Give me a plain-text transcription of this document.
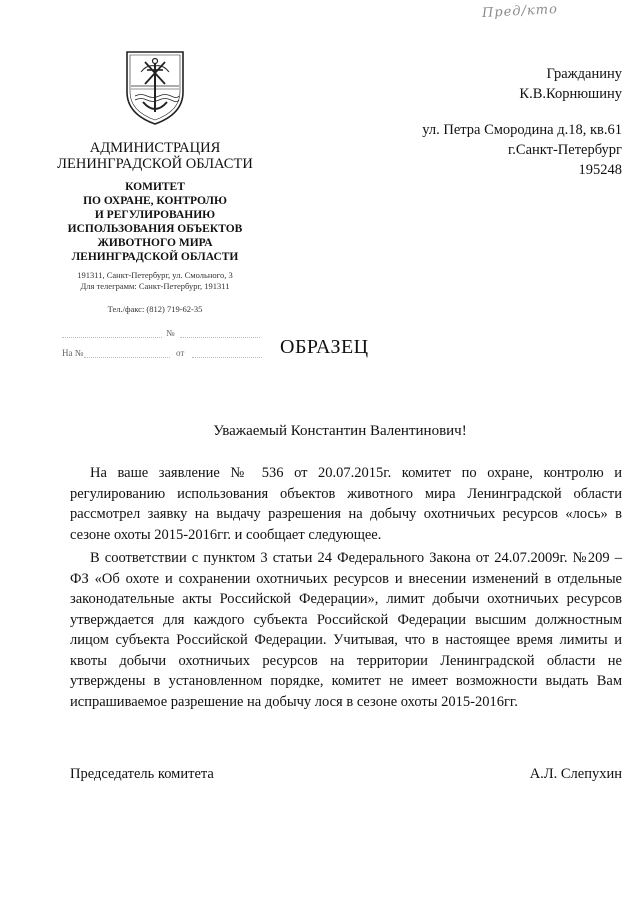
Пред/кто
АДМИНИСТРАЦИЯ
ЛЕНИНГРАДСКОЙ ОБЛАСТИ
КОМИТЕТ
ПО ОХРАНЕ, КОНТРОЛЮ
И РЕГУЛИРОВАНИЮ
ИСПОЛЬЗОВАНИЯ ОБЪЕКТОВ
ЖИВОТНОГО МИРА
ЛЕНИНГРАДСКОЙ ОБЛАСТИ
191311, Санкт-Петербург, ул. Смольного, 3
Для телеграмм: Санкт-Петербург, 191311
Тел./факс: (812) 719-62-35
№
На №	от	ОБРАЗЕЦ
Гражданину
К.В.Корнюшину
ул. Петра Смородина д.18, кв.61
г.Санкт-Петербург
195248
Уважаемый Константин Валентинович!

На ваше заявление № 536 от 20.07.2015г. комитет по охране, контролю и регулированию использования объектов животного мира Ленинградской области рассмотрел заявку на выдачу разрешения на добычу охотничьих ресурсов «лось» в сезоне охоты 2015-2016гг. и сообщает следующее.

В соответствии с пунктом 3 статьи 24 Федерального Закона от 24.07.2009г. №209 – ФЗ «Об охоте и сохранении охотничьих ресурсов и внесении изменений в отдельные законодательные акты Российской Федерации», лимит добычи охотничьих ресурсов утверждается для каждого субъекта Российской Федерации высшим должностным лицом субъекта Российской Федерации. Учитывая, что в настоящее время лимиты и квоты добычи охотничьих ресурсов на территории Ленинградской области не утверждены в установленном порядке, комитет не имеет возможности выдать Вам испрашиваемое разрешение на добычу лося в сезоне охоты 2015-2016гг.

Председатель комитета	А.Л. Слепухин
